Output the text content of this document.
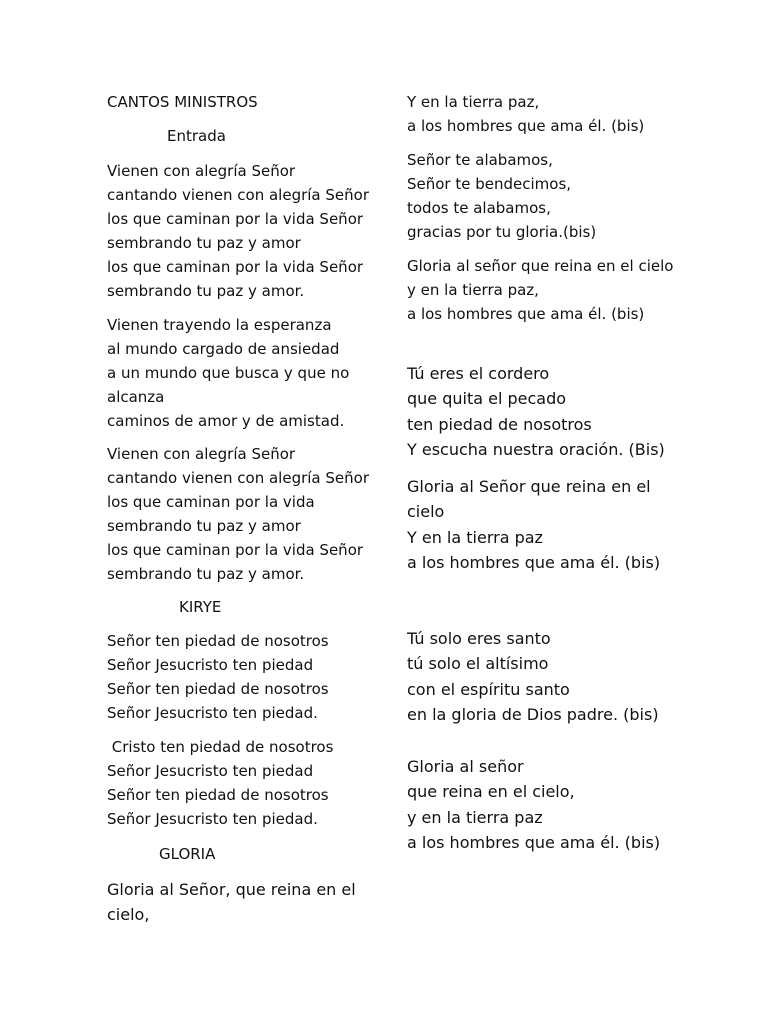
CANTOS MINISTROS
Entrada
Vienen con alegría Señor
cantando vienen con alegría Señor
los que caminan por la vida Señor
sembrando tu paz y amor
los que caminan por la vida Señor
sembrando tu paz y amor.
Vienen trayendo la esperanza
al mundo cargado de ansiedad
a un mundo que busca y que no
alcanza
caminos de amor y de amistad.
Vienen con alegría Señor
cantando vienen con alegría Señor
los que caminan por la vida
sembrando tu paz y amor
los que caminan por la vida Señor
sembrando tu paz y amor.
KIRYE
Señor ten piedad de nosotros
Señor Jesucristo ten piedad
Señor ten piedad de nosotros
Señor Jesucristo ten piedad.
Cristo ten piedad de nosotros
Señor Jesucristo ten piedad
Señor ten piedad de nosotros
Señor Jesucristo ten piedad.
GLORIA
Gloria al Señor, que reina en el
cielo,
Y en la tierra paz,
a los hombres que ama él. (bis)
Señor te alabamos,
Señor te bendecimos,
todos te alabamos,
gracias por tu gloria.(bis)
Gloria al señor que reina en el cielo
y en la tierra paz,
a los hombres que ama él. (bis)
Tú eres el cordero
que quita el pecado
ten piedad de nosotros
Y escucha nuestra oración. (Bis)
Gloria al Señor que reina en el
cielo
Y en la tierra paz
a los hombres que ama él. (bis)
Tú solo eres santo
tú solo el altísimo
con el espíritu santo
en la gloria de Dios padre. (bis)
Gloria al señor
que reina en el cielo,
y en la tierra paz
a los hombres que ama él. (bis)
